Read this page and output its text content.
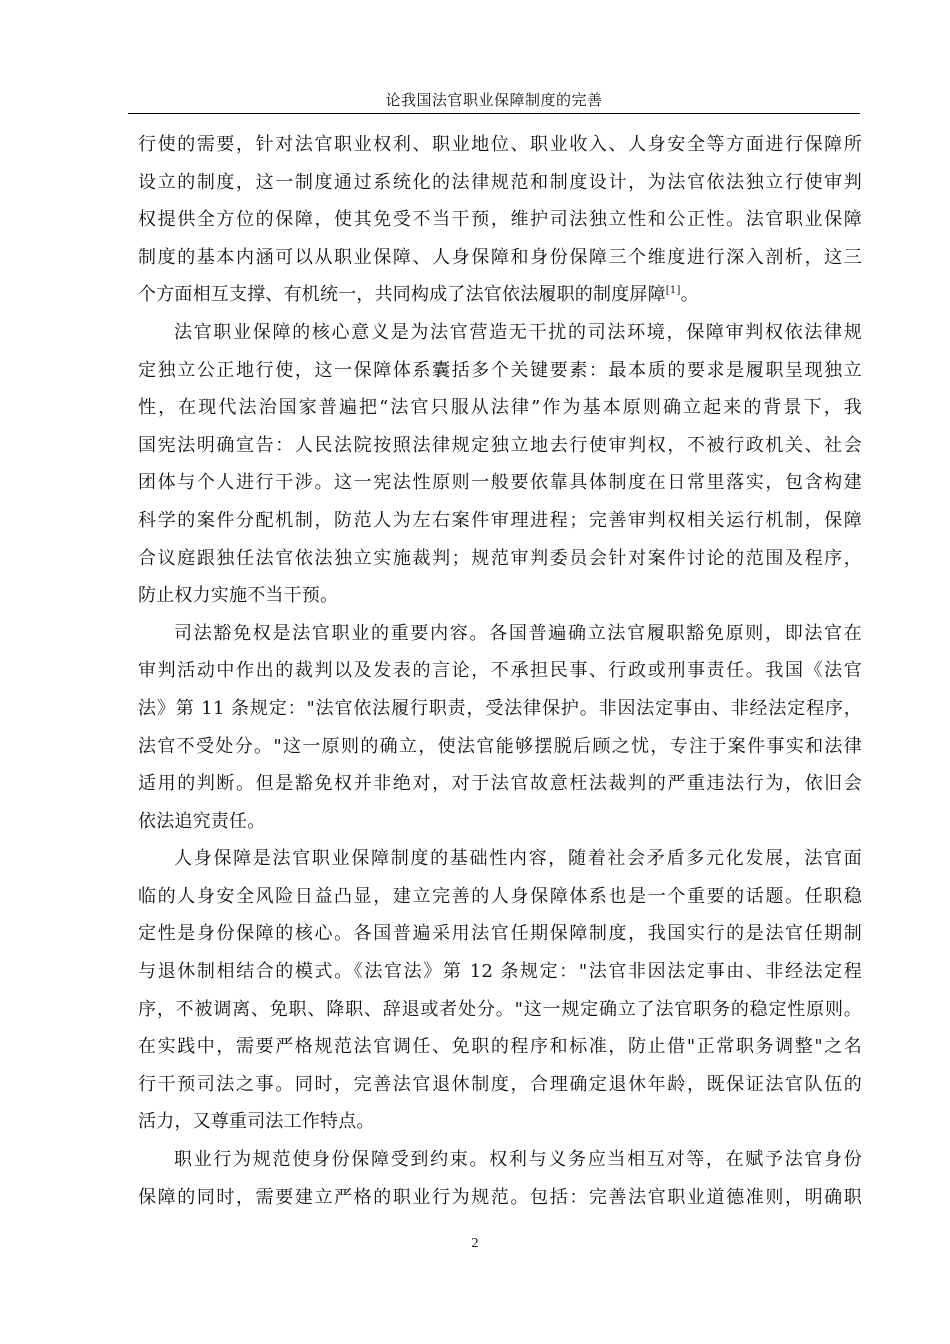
论我国法官职业保障制度的完善
行使的需要，针对法官职业权利、职业地位、职业收入、人身安全等方面进行保障所
设立的制度，这一制度通过系统化的法律规范和制度设计，为法官依法独立行使审判
权提供全方位的保障，使其免受不当干预，维护司法独立性和公正性。法官职业保障
制度的基本内涵可以从职业保障、人身保障和身份保障三个维度进行深入剖析，这三
个方面相互支撑、有机统一，共同构成了法官依法履职的制度屏障[1]。
法官职业保障的核心意义是为法官营造无干扰的司法环境，保障审判权依法律规
定独立公正地行使，这一保障体系囊括多个关键要素：最本质的要求是履职呈现独立
性，在现代法治国家普遍把“法官只服从法律”作为基本原则确立起来的背景下，我
国宪法明确宣告：人民法院按照法律规定独立地去行使审判权，不被行政机关、社会
团体与个人进行干涉。这一宪法性原则一般要依靠具体制度在日常里落实，包含构建
科学的案件分配机制，防范人为左右案件审理进程；完善审判权相关运行机制，保障
合议庭跟独任法官依法独立实施裁判；规范审判委员会针对案件讨论的范围及程序，
防止权力实施不当干预。
司法豁免权是法官职业的重要内容。各国普遍确立法官履职豁免原则，即法官在
审判活动中作出的裁判以及发表的言论，不承担民事、行政或刑事责任。我国《法官
法》第 11 条规定："法官依法履行职责，受法律保护。非因法定事由、非经法定程序，
法官不受处分。"这一原则的确立，使法官能够摆脱后顾之忧，专注于案件事实和法律
适用的判断。但是豁免权并非绝对，对于法官故意枉法裁判的严重违法行为，依旧会
依法追究责任。
人身保障是法官职业保障制度的基础性内容，随着社会矛盾多元化发展，法官面
临的人身安全风险日益凸显，建立完善的人身保障体系也是一个重要的话题。任职稳
定性是身份保障的核心。各国普遍采用法官任期保障制度，我国实行的是法官任期制
与退休制相结合的模式。《法官法》第 12 条规定："法官非因法定事由、非经法定程
序，不被调离、免职、降职、辞退或者处分。"这一规定确立了法官职务的稳定性原则。
在实践中，需要严格规范法官调任、免职的程序和标准，防止借"正常职务调整"之名
行干预司法之事。同时，完善法官退休制度，合理确定退休年龄，既保证法官队伍的
活力，又尊重司法工作特点。
职业行为规范使身份保障受到约束。权利与义务应当相互对等，在赋予法官身份
保障的同时，需要建立严格的职业行为规范。包括：完善法官职业道德准则，明确职
2
